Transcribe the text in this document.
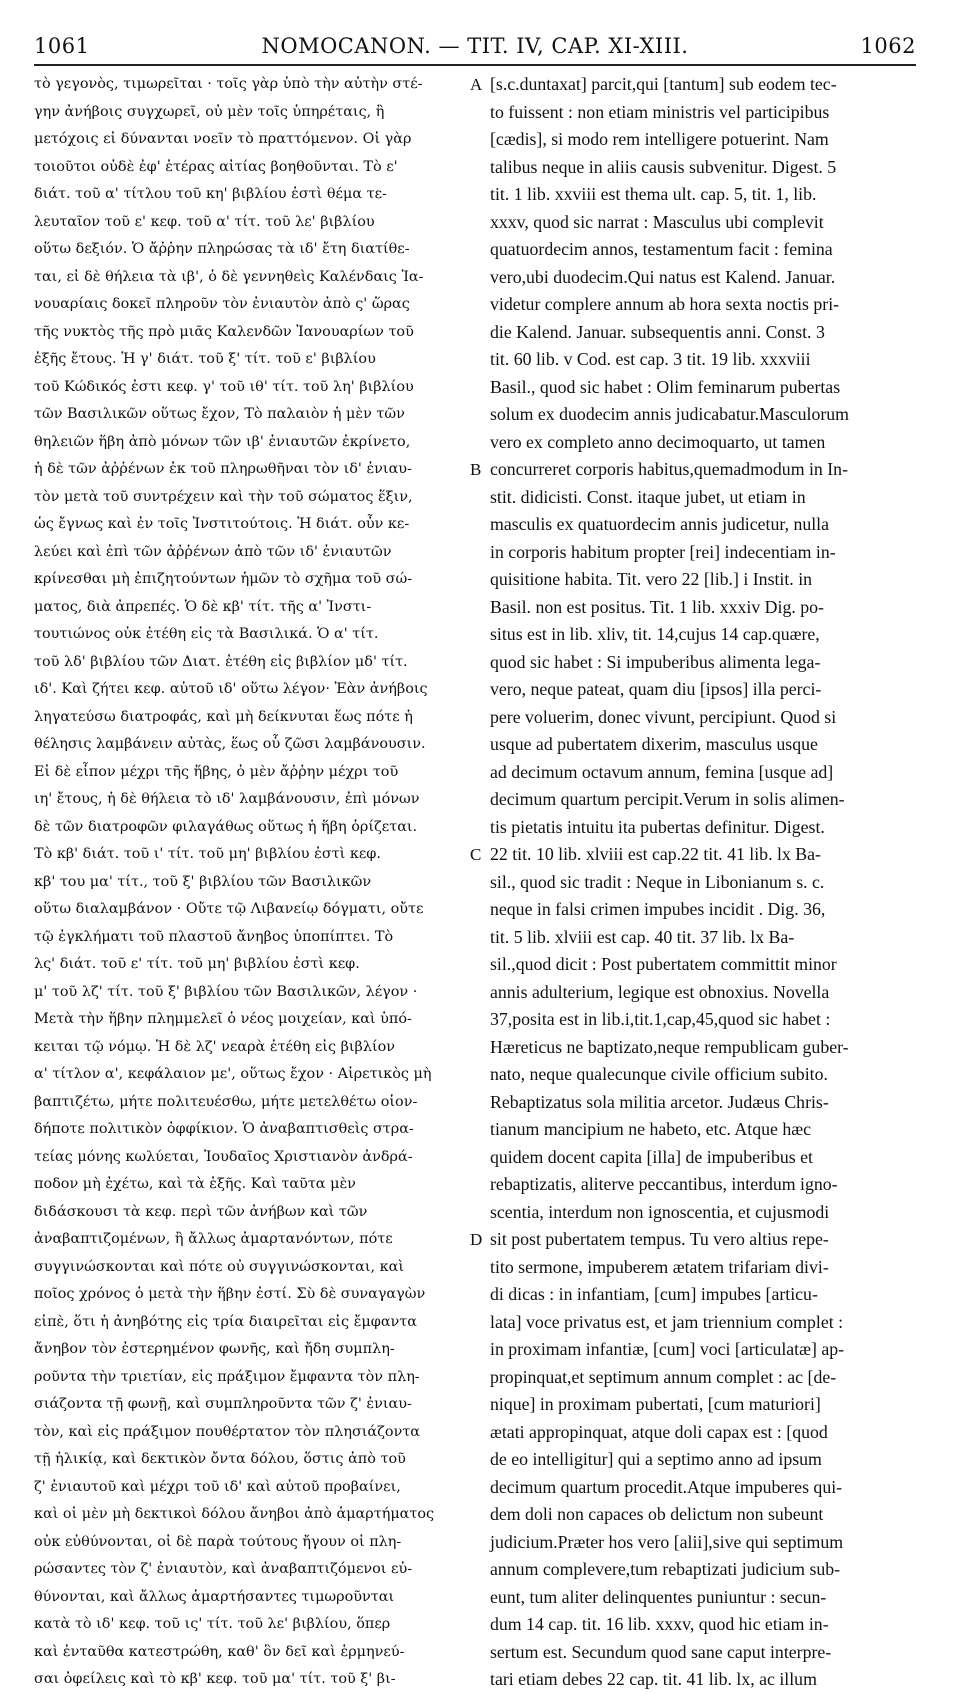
1061	NOMOCANON. — TIT. IV, CAP. XI-XIII.	1062
τὸ γεγονὸς, τιμωρεῖται · τοῖς γὰρ ὑπὸ τὴν αὐτὴν στέ-
γην ἀνήβοις συγχωρεῖ, οὐ μὲν τοῖς ὑπηρέταις, ἢ
μετόχοις εἰ δύνανται νοεῖν τὸ πραττόμενον. Οἱ γὰρ
τοιοῦτοι οὐδὲ ἐφ' ἑτέρας αἰτίας βοηθοῦνται. Τὸ ε'
διάτ. τοῦ α' τίτλου τοῦ κη' βιβλίου ἐστὶ θέμα τε-
λευταῖον τοῦ ε' κεφ. τοῦ α' τίτ. τοῦ λε' βιβλίου
οὕτω δεξιόν. Ὁ ἄῤῥην πληρώσας τὰ ιδ' ἔτη διατίθε-
ται, εἰ δὲ θήλεια τὰ ιβ', ὁ δὲ γεννηθεὶς Καλένδαις Ἰα-
νουαρίαις δοκεῖ πληροῦν τὸν ἐνιαυτὸν ἀπὸ ς' ὥρας
τῆς νυκτὸς τῆς πρὸ μιᾶς Καλενδῶν Ἰανουαρίων τοῦ
ἑξῆς ἔτους. Ἡ γ' διάτ. τοῦ ξ' τίτ. τοῦ ε' βιβλίου
τοῦ Κώδικός ἐστι κεφ. γ' τοῦ ιθ' τίτ. τοῦ λη' βιβλίου
τῶν Βασιλικῶν οὕτως ἔχον, Τὸ παλαιὸν ἡ μὲν τῶν
θηλειῶν ἥβη ἀπὸ μόνων τῶν ιβ' ἐνιαυτῶν ἐκρίνετο,
ἡ δὲ τῶν ἀῤῥένων ἐκ τοῦ πληρωθῆναι τὸν ιδ' ἐνιαυ-
τὸν μετὰ τοῦ συντρέχειν καὶ τὴν τοῦ σώματος ἕξιν,
ὡς ἔγνως καὶ ἐν τοῖς Ἰνστιτούτοις. Ἡ διάτ. οὖν κε-
λεύει καὶ ἐπὶ τῶν ἀῤῥένων ἀπὸ τῶν ιδ' ἐνιαυτῶν
κρίνεσθαι μὴ ἐπιζητούντων ἡμῶν τὸ σχῆμα τοῦ σώ-
ματος, διὰ ἀπρεπές. Ὁ δὲ κβ' τίτ. τῆς α' Ἰνστι-
τουτιώνος οὐκ ἐτέθη εἰς τὰ Βασιλικά. Ὁ α' τίτ.
τοῦ λδ' βιβλίου τῶν Διατ. ἐτέθη εἰς βιβλίον μδ' τίτ.
ιδ'. Καὶ ζήτει κεφ. αὐτοῦ ιδ' οὕτω λέγον· Ἐὰν ἀνήβοις
ληγατεύσω διατροφάς, καὶ μὴ δείκνυται ἕως πότε ἡ
θέλησις λαμβάνειν αὐτὰς, ἕως οὗ ζῶσι λαμβάνουσιν.
Εἰ δὲ εἶπον μέχρι τῆς ἥβης, ὁ μὲν ἄῤῥην μέχρι τοῦ
ιη' ἔτους, ἡ δὲ θήλεια τὸ ιδ' λαμβάνουσιν, ἐπὶ μόνων
δὲ τῶν διατροφῶν φιλαγάθως οὕτως ἡ ἥβη ὁρίζεται.
Τὸ κβ' διάτ. τοῦ ι' τίτ. τοῦ μη' βιβλίου ἐστὶ κεφ.
κβ' του μα' τίτ., τοῦ ξ' βιβλίου τῶν Βασιλικῶν
οὕτω διαλαμβάνον · Οὔτε τῷ Λιβανείῳ δόγματι, οὔτε
τῷ ἐγκλήματι τοῦ πλαστοῦ ἄνηβος ὑποπίπτει. Τὸ
λς' διάτ. τοῦ ε' τίτ. τοῦ μη' βιβλίου ἐστὶ κεφ.
μ' τοῦ λζ' τίτ. τοῦ ξ' βιβλίου τῶν Βασιλικῶν, λέγον ·
Μετὰ τὴν ἥβην πλημμελεῖ ὁ νέος μοιχείαν, καὶ ὑπό-
κειται τῷ νόμῳ. Ἡ δὲ λζ' νεαρὰ ἐτέθη εἰς βιβλίον
α' τίτλον α', κεφάλαιον με', οὕτως ἔχον · Αἱρετικὸς μὴ
βαπτιζέτω, μήτε πολιτευέσθω, μήτε μετελθέτω οἱον-
δήποτε πολιτικὸν ὀφφίκιον. Ὁ ἀναβαπτισθεὶς στρα-
τείας μόνης κωλύεται, Ἰουδαῖος Χριστιανὸν ἀνδρά-
ποδον μὴ ἐχέτω, καὶ τὰ ἑξῆς. Καὶ ταῦτα μὲν
διδάσκουσι τὰ κεφ. περὶ τῶν ἀνήβων καὶ τῶν
ἀναβαπτιζομένων, ἢ ἄλλως ἁμαρτανόντων, πότε
συγγινώσκονται καὶ πότε οὐ συγγινώσκονται, καὶ
ποῖος χρόνος ὁ μετὰ τὴν ἥβην ἐστί. Σὺ δὲ συναγαγὼν
εἰπὲ, ὅτι ἡ ἀνηβότης εἰς τρία διαιρεῖται εἰς ἔμφαντα
ἄνηβον τὸν ἐστερημένον φωνῆς, καὶ ἤδη συμπλη-
ροῦντα τὴν τριετίαν, εἰς πράξιμον ἔμφαντα τὸν πλη-
σιάζοντα τῇ φωνῇ, καὶ συμπληροῦντα τῶν ζ' ἐνιαυ-
τὸν, καὶ εἰς πράξιμον πουθέρτατον τὸν πλησιάζοντα
τῇ ἡλικίᾳ, καὶ δεκτικὸν ὄντα δόλου, ὅστις ἀπὸ τοῦ
ζ' ἐνιαυτοῦ καὶ μέχρι τοῦ ιδ' καὶ αὐτοῦ προβαίνει,
καὶ οἱ μὲν μὴ δεκτικοὶ δόλου ἄνηβοι ἀπὸ ἁμαρτήματος
οὐκ εὐθύνονται, οἱ δὲ παρὰ τούτους ἤγουν οἱ πλη-
ρώσαντες τὸν ζ' ἐνιαυτὸν, καὶ ἀναβαπτιζόμενοι εὐ-
θύνονται, καὶ ἄλλως ἁμαρτήσαντες τιμωροῦνται
κατὰ τὸ ιδ' κεφ. τοῦ ις' τίτ. τοῦ λε' βιβλίου, ὅπερ
καὶ ἐνταῦθα κατεστρώθη, καθ' ὃν δεῖ καὶ ἑρμηνεύ-
σαι ὀφείλεις καὶ τὸ κβ' κεφ. τοῦ μα' τίτ. τοῦ ξ' βι-
[s.c.duntaxat] parcit,qui [tantum] sub eodem tec-
to fuissent : non etiam ministris vel participibus
[cædis], si modo rem intelligere potuerint. Nam
talibus neque in aliis causis subvenitur. Digest. 5
tit. 1 lib. xxviii est thema ult. cap. 5, tit. 1, lib.
xxxv, quod sic narrat : Masculus ubi complevit
quatuordecim annos, testamentum facit : femina
vero,ubi duodecim.Qui natus est Kalend. Januar.
videtur complere annum ab hora sexta noctis pri-
die Kalend. Januar. subsequentis anni. Const. 3
tit. 60 lib. v Cod. est cap. 3 tit. 19 lib. xxxviii
Basil., quod sic habet : Olim feminarum pubertas
solum ex duodecim annis judicabatur.Masculorum
vero ex completo anno decimoquarto, ut tamen
concurreret corporis habitus,quemadmodum in In-
stit. didicisti. Const. itaque jubet, ut etiam in
masculis ex quatuordecim annis judicetur, nulla
in corporis habitum propter [rei] indecentiam in-
quisitione habita. Tit. vero 22 [lib.] i Instit. in
Basil. non est positus. Tit. 1 lib. xxxiv Dig. po-
situs est in lib. xliv, tit. 14,cujus 14 cap.quære,
quod sic habet : Si impuberibus alimenta lega-
vero, neque pateat, quam diu [ipsos] illa perci-
pere voluerim, donec vivunt, percipiunt. Quod si
usque ad pubertatem dixerim, masculus usque
ad decimum octavum annum, femina [usque ad]
decimum quartum percipit.Verum in solis alimen-
tis pietatis intuitu ita pubertas definitur. Digest.
22 tit. 10 lib. xlviii est cap.22 tit. 41 lib. lx Ba-
sil., quod sic tradit : Neque in Libonianum s. c.
neque in falsi crimen impubes incidit . Dig. 36,
tit. 5 lib. xlviii est cap. 40 tit. 37 lib. lx Ba-
sil.,quod dicit : Post pubertatem committit minor
annis adulterium, legique est obnoxius. Novella
37,posita est in lib.i,tit.1,cap,45,quod sic habet :
Hæreticus ne baptizato,neque rempublicam guber-
nato, neque qualecunque civile officium subito.
Rebaptizatus sola militia arcetor. Judæus Chris-
tianum mancipium ne habeto, etc. Atque hæc
quidem docent capita [illa] de impuberibus et
rebaptizatis, aliterve peccantibus, interdum igno-
scentia, interdum non ignoscentia, et cujusmodi
sit post pubertatem tempus. Tu vero altius repe-
tito sermone, impuberem ætatem trifariam divi-
di dicas : in infantiam, [cum] impubes [articu-
lata] voce privatus est, et jam triennium complet :
in proximam infantiæ, [cum] voci [articulatæ] ap-
propinquat,et septimum annum complet : ac [de-
nique] in proximam pubertati, [cum maturiori]
ætati appropinquat, atque doli capax est : [quod
de eo intelligitur] qui a septimo anno ad ipsum
decimum quartum procedit.Atque impuberes qui-
dem doli non capaces ob delictum non subeunt
judicium.Præter hos vero [alii],sive qui septimum
annum complevere,tum rebaptizati judicium sub-
eunt, tum aliter delinquentes puniuntur : secun-
dum 14 cap. tit. 16 lib. xxxv, quod hic etiam in-
sertum est. Secundum quod sane caput interpre-
tari etiam debes 22 cap. tit. 41 lib. lx, ac illum
A
B
C
D
